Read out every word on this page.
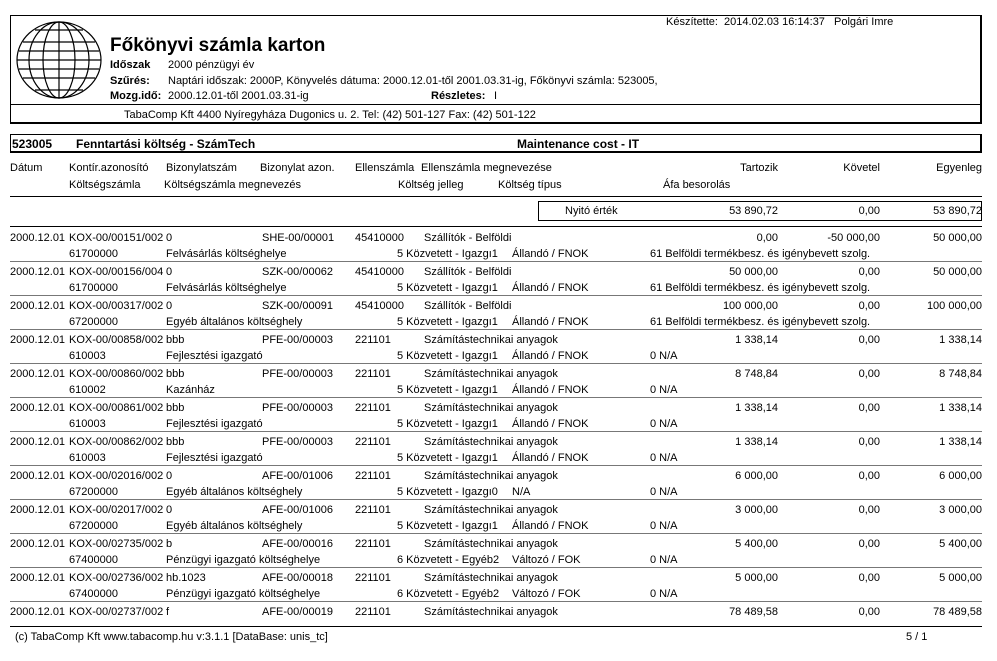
Készítette: 2014.02.03 16:14:37 Polgári Imre
Főkönyvi számla karton
Időszak 2000 pénzügyi év
Szűrés: Naptári időszak: 2000P, Könyvelés dátuma: 2000.12.01-től 2001.03.31-ig, Főkönyvi számla: 523005,
Mozg.idő: 2000.12.01-től 2001.03.31-ig	Részletes: I
TabaComp Kft 4400 Nyíregyháza Dugonics u. 2. Tel: (42) 501-127 Fax: (42) 501-122
523005 Fenntartási költség - SzámTech	Maintenance cost - IT
Dátum Kontír.azonosító Bizonylatszám Bizonylat azon. Ellenszámla Ellenszámla megnevezése	Tartozik	Követel	Egyenleg
Költségszámla Költségszámla megnevezés	Költség jelleg	Költség típus	Áfa besorolás
Nyitó érték	53 890,72	0,00	53 890,72
2000.12.01 KOX-00/00151/002 0	SHE-00/00001 45410000 Szállítók - Belföldi	0,00	-50 000,00	50 000,00
61700000	Felvásárlás költséghelye	5 Közvetett - Igazgı1 Állandó / FNOK	61 Belföldi termékbesz. és igénybevett szolg.
2000.12.01 KOX-00/00156/004 0	SZK-00/00062 45410000 Szállítók - Belföldi	50 000,00	0,00	50 000,00
61700000	Felvásárlás költséghelye	5 Közvetett - Igazgı1 Állandó / FNOK	61 Belföldi termékbesz. és igénybevett szolg.
2000.12.01 KOX-00/00317/002 0	SZK-00/00091 45410000 Szállítók - Belföldi	100 000,00	0,00	100 000,00
67200000	Egyéb általános költséghely	5 Közvetett - Igazgı1 Állandó / FNOK	61 Belföldi termékbesz. és igénybevett szolg.
2000.12.01 KOX-00/00858/002 bbb	PFE-00/00003 221101	Számítástechnikai anyagok	1 338,14	0,00	1 338,14
610003	Fejlesztési igazgató	5 Közvetett - Igazgı1 Állandó / FNOK	0 N/A
2000.12.01 KOX-00/00860/002 bbb	PFE-00/00003 221101	Számítástechnikai anyagok	8 748,84	0,00	8 748,84
610002	Kazánház	5 Közvetett - Igazgı1 Állandó / FNOK	0 N/A
2000.12.01 KOX-00/00861/002 bbb	PFE-00/00003 221101	Számítástechnikai anyagok	1 338,14	0,00	1 338,14
610003	Fejlesztési igazgató	5 Közvetett - Igazgı1 Állandó / FNOK	0 N/A
2000.12.01 KOX-00/00862/002 bbb	PFE-00/00003 221101	Számítástechnikai anyagok	1 338,14	0,00	1 338,14
610003	Fejlesztési igazgató	5 Közvetett - Igazgı1 Állandó / FNOK	0 N/A
2000.12.01 KOX-00/02016/002 0	AFE-00/01006 221101	Számítástechnikai anyagok	6 000,00	0,00	6 000,00
67200000	Egyéb általános költséghely	5 Közvetett - Igazgı0 N/A	0 N/A
2000.12.01 KOX-00/02017/002 0	AFE-00/01006 221101	Számítástechnikai anyagok	3 000,00	0,00	3 000,00
67200000	Egyéb általános költséghely	5 Közvetett - Igazgı1 Állandó / FNOK	0 N/A
2000.12.01 KOX-00/02735/002 b	AFE-00/00016 221101	Számítástechnikai anyagok	5 400,00	0,00	5 400,00
67400000	Pénzügyi igazgató költséghelye	6 Közvetett - Egyéb2 Változó / FOK	0 N/A
2000.12.01 KOX-00/02736/002 hb.1023	AFE-00/00018 221101	Számítástechnikai anyagok	5 000,00	0,00	5 000,00
67400000	Pénzügyi igazgató költséghelye	6 Közvetett - Egyéb2 Változó / FOK	0 N/A
2000.12.01 KOX-00/02737/002 f	AFE-00/00019 221101	Számítástechnikai anyagok	78 489,58	0,00	78 489,58
(c) TabaComp Kft www.tabacomp.hu v:3.1.1 [DataBase: unis_tc]	5 / 1
